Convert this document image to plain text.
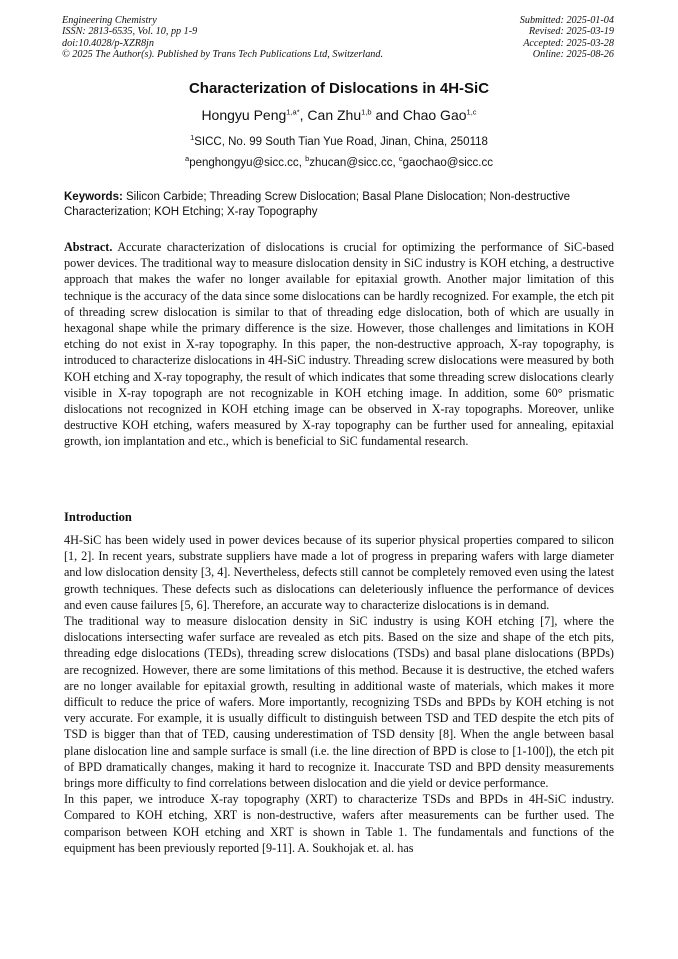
Engineering Chemistry
ISSN: 2813-6535, Vol. 10, pp 1-9
doi:10.4028/p-XZR8jn
© 2025 The Author(s). Published by Trans Tech Publications Ltd, Switzerland.
Submitted: 2025-01-04
Revised: 2025-03-19
Accepted: 2025-03-28
Online: 2025-08-26
Characterization of Dislocations in 4H-SiC
Hongyu Peng$^{1,a*}$, Can Zhu$^{1,b}$ and Chao Gao$^{1,c}$
$^1$SICC, No. 99 South Tian Yue Road, Jinan, China, 250118
$^a$penghongyu@sicc.cc, $^b$zhucan@sicc.cc, $^c$gaochao@sicc.cc
Keywords: Silicon Carbide; Threading Screw Dislocation; Basal Plane Dislocation; Non-destructive Characterization; KOH Etching; X-ray Topography
Abstract. Accurate characterization of dislocations is crucial for optimizing the performance of SiC-based power devices. The traditional way to measure dislocation density in SiC industry is KOH etching, a destructive approach that makes the wafer no longer available for epitaxial growth. Another major limitation of this technique is the accuracy of the data since some dislocations can be hardly recognized. For example, the etch pit of threading screw dislocation is similar to that of threading edge dislocation, both of which are usually in hexagonal shape while the primary difference is the size. However, those challenges and limitations in KOH etching do not exist in X-ray topography. In this paper, the non-destructive approach, X-ray topography, is introduced to characterize dislocations in 4H-SiC industry. Threading screw dislocations were measured by both KOH etching and X-ray topography, the result of which indicates that some threading screw dislocations clearly visible in X-ray topograph are not recognizable in KOH etching image. In addition, some 60° prismatic dislocations not recognized in KOH etching image can be observed in X-ray topographs. Moreover, unlike destructive KOH etching, wafers measured by X-ray topography can be further used for annealing, epitaxial growth, ion implantation and etc., which is beneficial to SiC fundamental research.
Introduction

4H-SiC has been widely used in power devices because of its superior physical properties compared to silicon [1, 2]. In recent years, substrate suppliers have made a lot of progress in preparing wafers with large diameter and low dislocation density [3, 4]. Nevertheless, defects still cannot be completely removed even using the latest growth techniques. These defects such as dislocations can deleteriously influence the performance of devices and even cause failures [5, 6]. Therefore, an accurate way to characterize dislocations is in demand.

The traditional way to measure dislocation density in SiC industry is using KOH etching [7], where the dislocations intersecting wafer surface are revealed as etch pits. Based on the size and shape of the etch pits, threading edge dislocations (TEDs), threading screw dislocations (TSDs) and basal plane dislocations (BPDs) are recognized. However, there are some limitations of this method. Because it is destructive, the etched wafers are no longer available for epitaxial growth, resulting in additional waste of materials, which makes it more difficult to reduce the price of wafers. More importantly, recognizing TSDs and BPDs by KOH etching is not very accurate. For example, it is usually difficult to distinguish between TSD and TED despite the etch pits of TSD is bigger than that of TED, causing underestimation of TSD density [8]. When the angle between basal plane dislocation line and sample surface is small (i.e. the line direction of BPD is close to [1-100]), the etch pit of BPD dramatically changes, making it hard to recognize it. Inaccurate TSD and BPD density measurements brings more difficulty to find correlations between dislocation and die yield or device performance.

In this paper, we introduce X-ray topography (XRT) to characterize TSDs and BPDs in 4H-SiC industry. Compared to KOH etching, XRT is non-destructive, wafers after measurements can be further used. The comparison between KOH etching and XRT is shown in Table 1. The fundamentals and functions of the equipment has been previously reported [9-11]. A. Soukhojak et. al. has
